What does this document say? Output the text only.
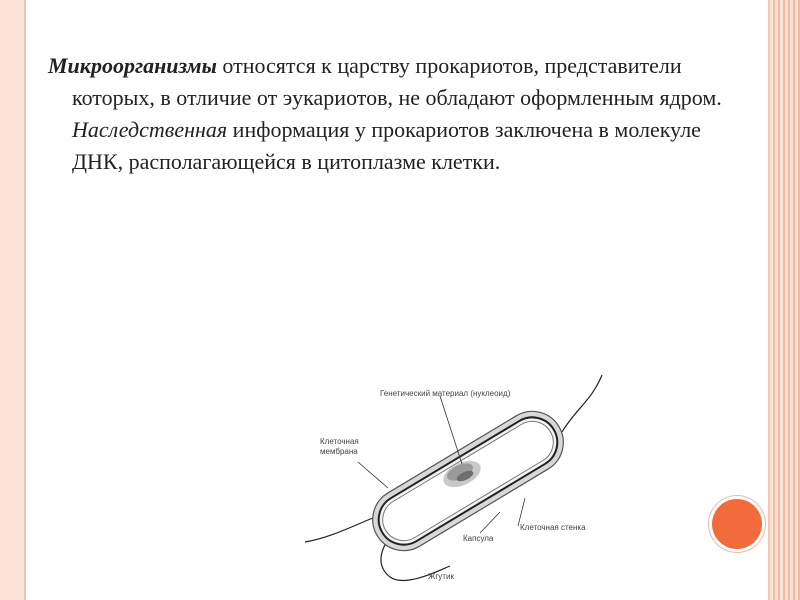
Микроорганизмы относятся к царству прокариотов, представители которых, в отличие от эукариотов, не обладают оформленным ядром. Наследственная информация у прокариотов заключена в молекуле ДНК, располагающейся в цитоплазме клетки.
Генетический материал (нуклеоид)
Клеточная
мембрана
Клеточная стенка
Капсула
Жгутик
